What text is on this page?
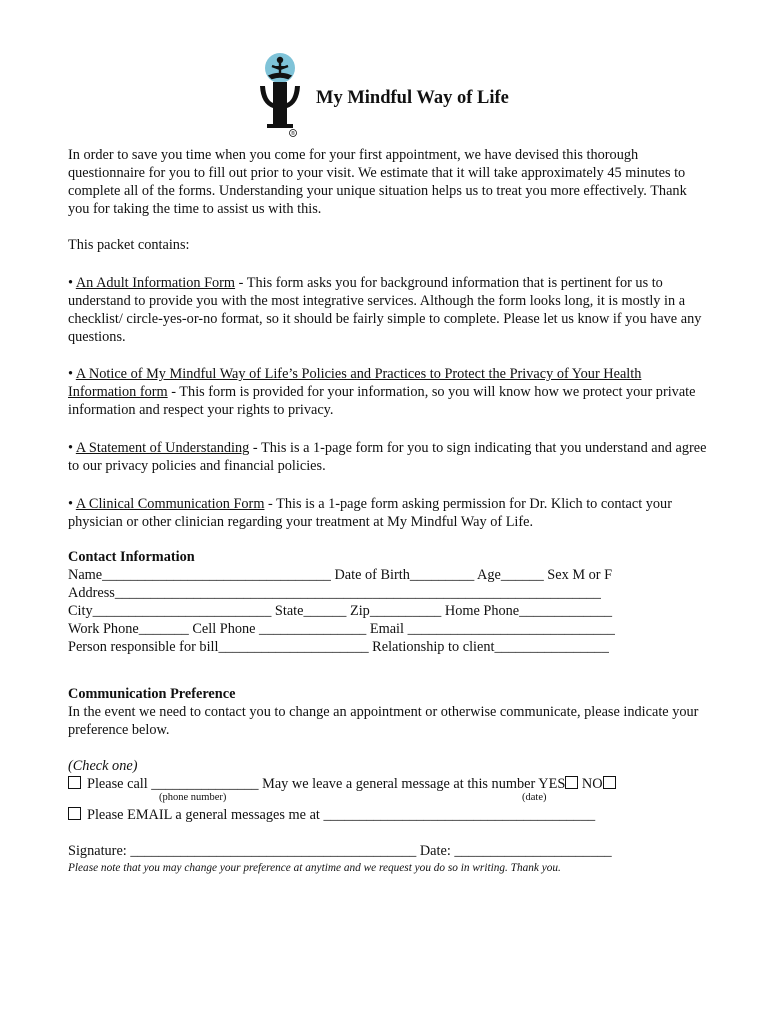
®
My Mindful Way of Life
In order to save you time when you come for your first appointment, we have devised this thorough questionnaire for you to fill out prior to your visit. We estimate that it will take approximately 45 minutes to complete all of the forms. Understanding your unique situation helps us to treat you more effectively. Thank you for taking the time to assist us with this.
This packet contains:
• An Adult Information Form - This form asks you for background information that is pertinent for us to understand to provide you with the most integrative services. Although the form looks long, it is mostly in a checklist/ circle-yes-or-no format, so it should be fairly simple to complete. Please let us know if you have any questions.
• A Notice of My Mindful Way of Life’s Policies and Practices to Protect the Privacy of Your Health Information form - This form is provided for your information, so you will know how we protect your private information and respect your rights to privacy.
• A Statement of Understanding - This is a 1-page form for you to sign indicating that you understand and agree to our privacy policies and financial policies.
• A Clinical Communication Form - This is a 1-page form asking permission for Dr. Klich to contact your physician or other clinician regarding your treatment at My Mindful Way of Life.
Contact Information
Name________________________________ Date of Birth_________ Age______ Sex M or F
Address____________________________________________________________________
City_________________________ State______ Zip__________ Home Phone_____________
Work Phone_______ Cell Phone _______________ Email _____________________________
Person responsible for bill_____________________ Relationship to client________________
Communication Preference
In the event we need to contact you to change an appointment or otherwise communicate, please indicate your preference below.
(Check one)
Please call _______________ May we leave a general message at this number YES NO
(phone number)	(date)
Please EMAIL a general messages me at ______________________________________
Signature: ________________________________________ Date: ______________________
Please note that you may change your preference at anytime and we request you do so in writing. Thank you.
